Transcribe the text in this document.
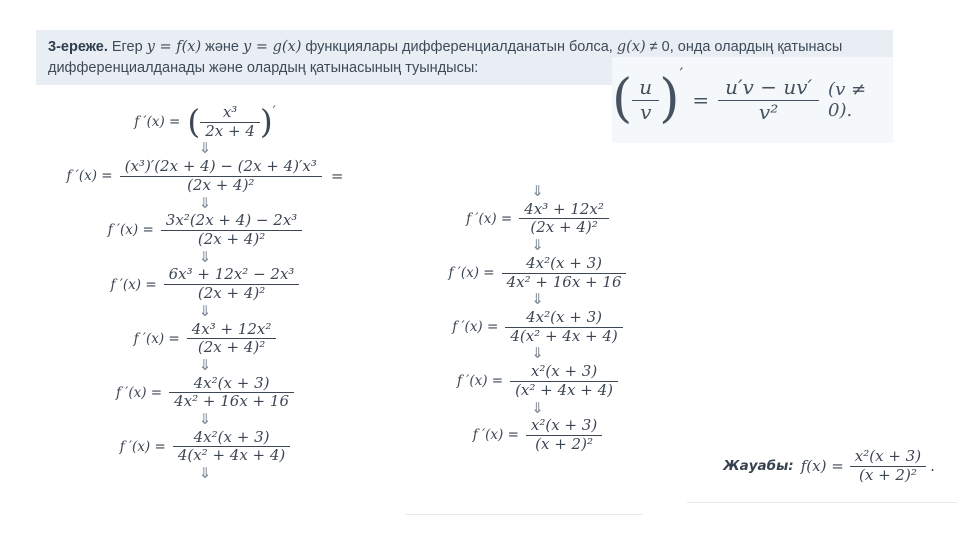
3-ереже. Егер y = f(x) және y = g(x) функциялары дифференциалданатын болса, g(x) ≠ 0, онда олардың қатынасы дифференциалданады және олардың қатынасының туындысы:
( $\frac{u}{v}$ ) ′
= $\frac{u'v - uv'}{\text{v²}} (v \ne 0)$.
f ′(x) = ( $\frac{\text{x³}}{2x + 4}$ ) ′
⇓
f $'(x) = \frac{\text{(x³)′(2x + 4) − (2x + 4)′x³}}{\text{(2x + 4)²}}$ =
⇓
f $'(x) = \frac{\text{3x²(2x + 4) − 2x³}}{\text{(2x + 4)²}}$
⇓
f $'(x) = \frac{\text{6x³ + 12x² − 2x³}}{\text{(2x + 4)²}}$
⇓
f $'(x) = \frac{\text{4x³ + 12x²}}{\text{(2x + 4)²}}$
⇓
f $'(x) = \frac{\text{4x²(x + 3)}}{\text{4x² + 16x + 16}}$
⇓
f $'(x) = \frac{\text{4x²(x + 3)}}{\text{4(x² + 4x + 4)}}$
⇓
⇓
f $'(x) = \frac{\text{4x³ + 12x²}}{\text{(2x + 4)²}}$
⇓
f $'(x) = \frac{\text{4x²(x + 3)}}{\text{4x² + 16x + 16}}$
⇓
f $'(x) = \frac{\text{4x²(x + 3)}}{\text{4(x² + 4x + 4)}}$
⇓
f $'(x) = \frac{\text{x²(x + 3)}}{\text{(x² + 4x + 4)}}$
⇓
f $'(x) = \frac{\text{x²(x + 3)}}{\text{(x + 2)²}}$
Жауабы: $f(x) = \frac{\text{x²(x + 3)}}{\text{(x + 2)²}}$ .
